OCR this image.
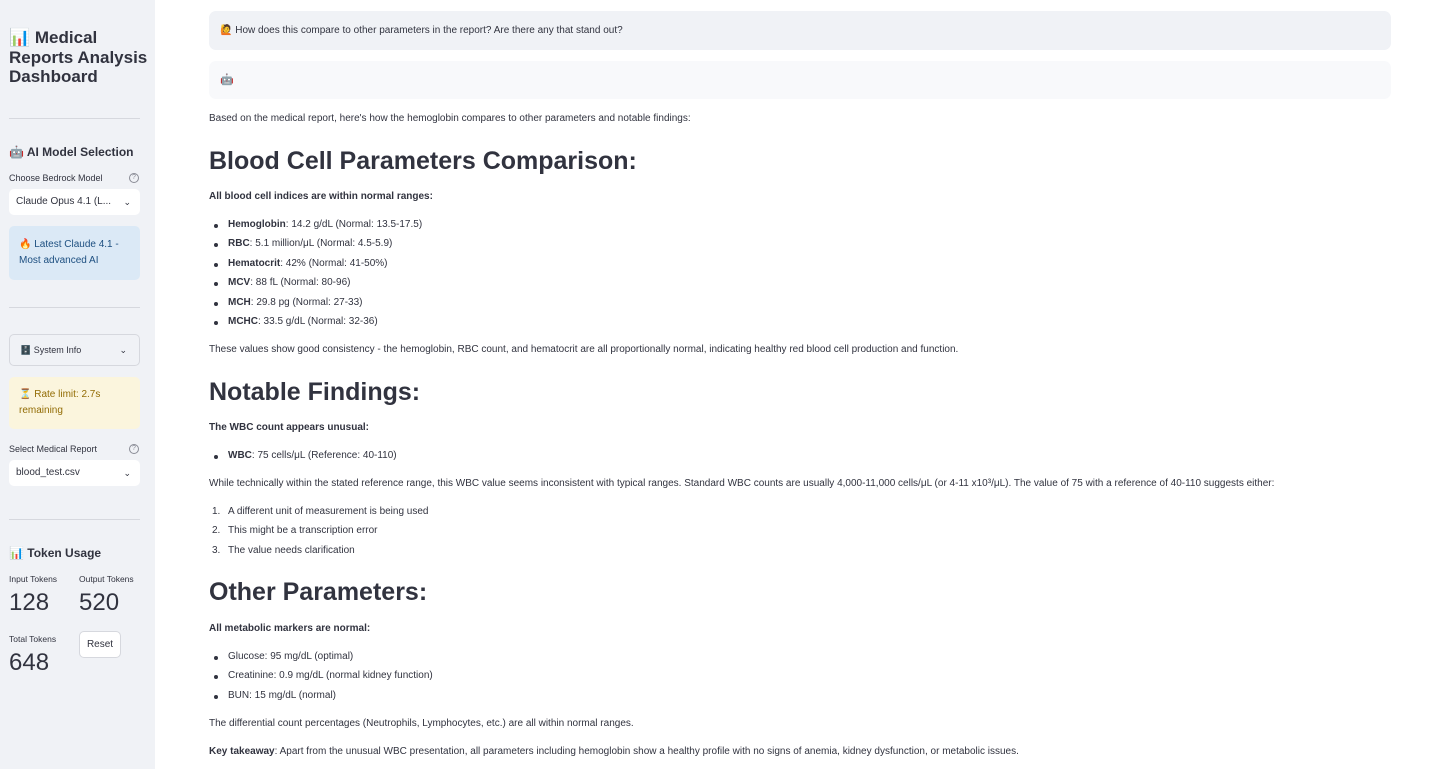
📊 Medical Reports Analysis Dashboard
🤖 AI Model Selection
Choose Bedrock Model	?
Claude Opus 4.1 (L... ⌄
🔥 Latest Claude 4.1 - Most advanced AI
🗄️ System Info	⌄
⏳ Rate limit: 2.7s remaining
Select Medical Report	?
blood_test.csv	⌄
📊 Token Usage
Input Tokens
128
Output Tokens
520
Total Tokens
648
Reset
🙋 How does this compare to other parameters in the report? Are there any that stand out?
🤖
Based on the medical report, here's how the hemoglobin compares to other parameters and notable findings:
Blood Cell Parameters Comparison:
All blood cell indices are within normal ranges:
Hemoglobin: 14.2 g/dL (Normal: 13.5-17.5)
RBC: 5.1 million/μL (Normal: 4.5-5.9)
Hematocrit: 42% (Normal: 41-50%)
MCV: 88 fL (Normal: 80-96)
MCH: 29.8 pg (Normal: 27-33)
MCHC: 33.5 g/dL (Normal: 32-36)
These values show good consistency - the hemoglobin, RBC count, and hematocrit are all proportionally normal, indicating healthy red blood cell production and function.
Notable Findings:
The WBC count appears unusual:
WBC: 75 cells/μL (Reference: 40-110)
While technically within the stated reference range, this WBC value seems inconsistent with typical ranges. Standard WBC counts are usually 4,000-11,000 cells/μL (or 4-11 x10³/μL). The value of 75 with a reference of 40-110 suggests either:
1. A different unit of measurement is being used
2. This might be a transcription error
3. The value needs clarification
Other Parameters:
All metabolic markers are normal:
Glucose: 95 mg/dL (optimal)
Creatinine: 0.9 mg/dL (normal kidney function)
BUN: 15 mg/dL (normal)
The differential count percentages (Neutrophils, Lymphocytes, etc.) are all within normal ranges.
Key takeaway: Apart from the unusual WBC presentation, all parameters including hemoglobin show a healthy profile with no signs of anemia, kidney dysfunction, or metabolic issues.
